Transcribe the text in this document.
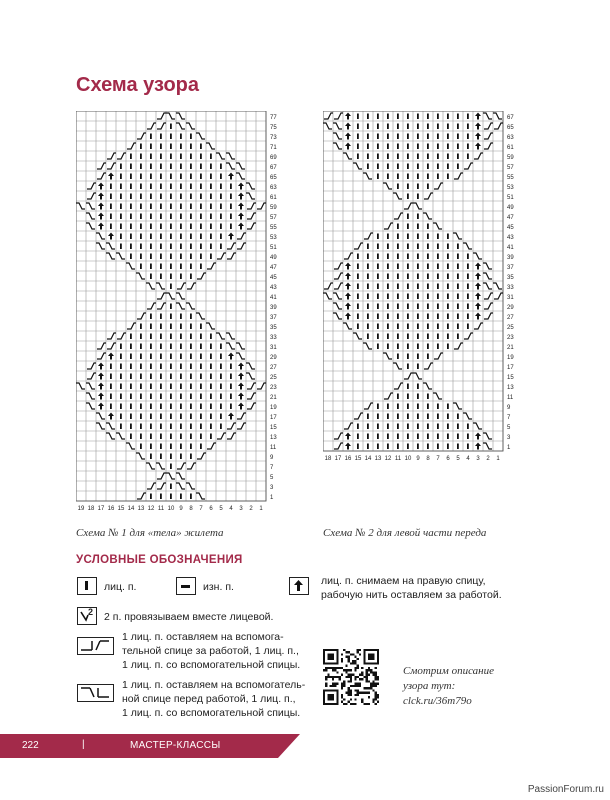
Схема узора
77
75
73
71
69
67
65
63
61
59
57
55
53
51
49
47
45
43
41
39
37
35
33
31
29
27
25
23
21
19
17
15
13
11
9
7
5
3
1
19 18 17 16 15 14 13 12 11 10 9 8 7 6 5 4 3 2 1
Схема № 1 для «тела» жилета
67
65
63
61
59
57
55
53
51
49
47
45
43
41
39
37
35
33
31
29
27
25
23
21
19
17
15
13
11
9
7
5
3
1
18 17 16 15 14 13 12 11 10 9 8 7 6 5 4 3 2 1
Схема № 2 для левой части переда
УСЛОВНЫЕ ОБОЗНАЧЕНИЯ
лиц. п.	изн. п.	лиц. п. снимаем на правую спицу,
рабочую нить оставляем за работой.
2 2 п. провязываем вместе лицевой.
1 лиц. п. оставляем на вспомога-
тельной спице за работой, 1 лиц. п.,
1 лиц. п. со вспомогательной спицы.
1 лиц. п. оставляем на вспомогатель-
ной спице перед работой, 1 лиц. п.,
1 лиц. п. со вспомогательной спицы.
Смотрим описание
узора тут:
clck.ru/36m79o
222	|	МАСТЕР-КЛАССЫ
PassionForum.ru
